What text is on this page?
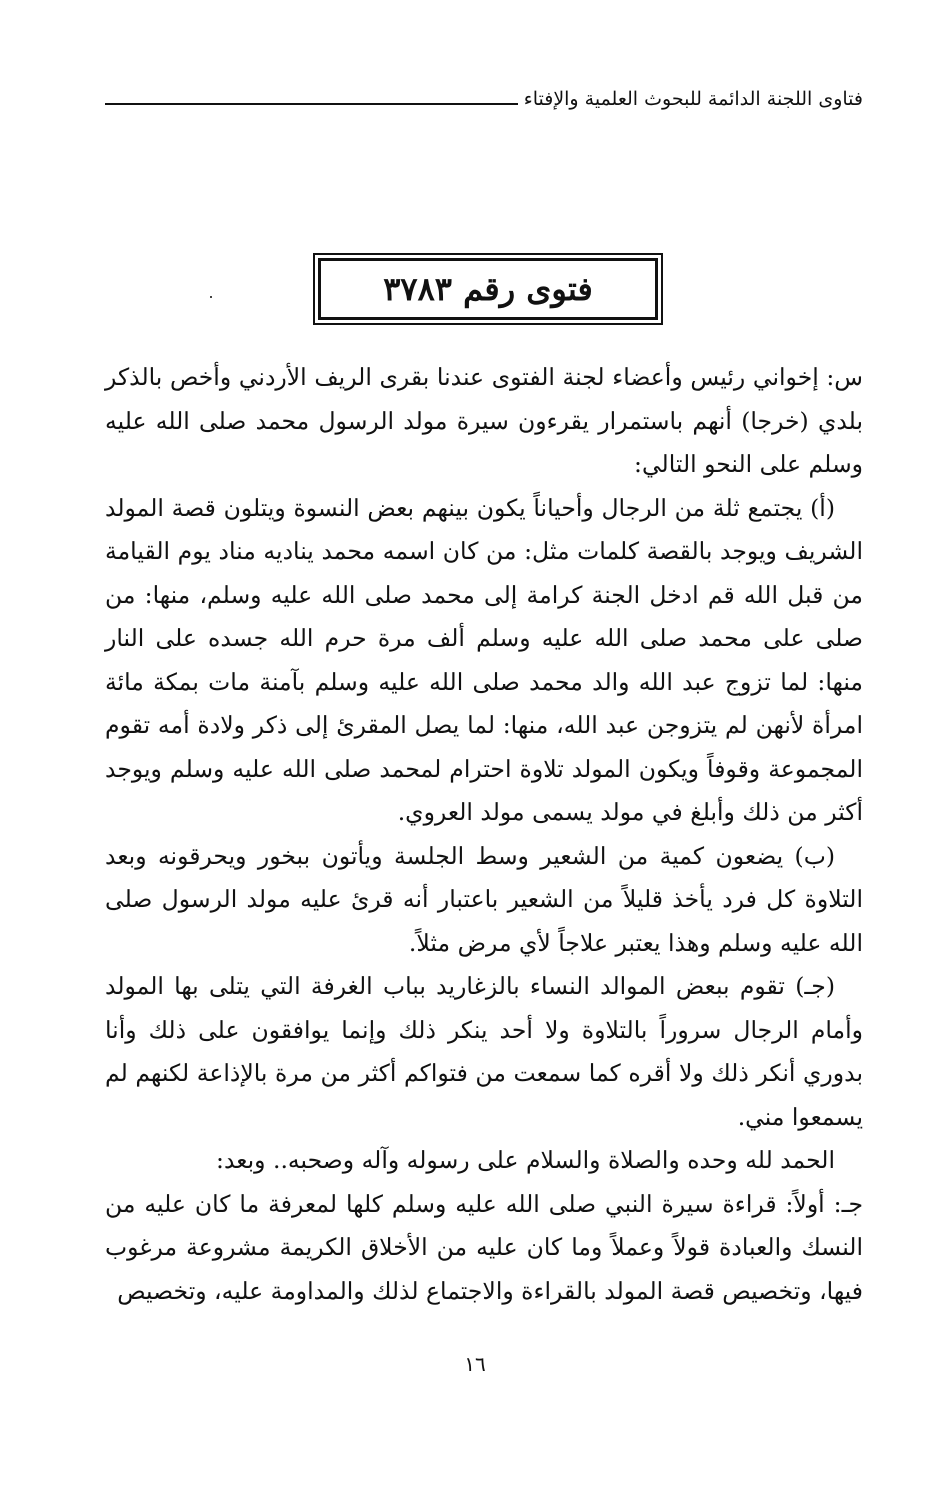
فتاوى اللجنة الدائمة للبحوث العلمية والإفتاء
فتوى رقم ٣٧٨٣

س: إخواني رئيس وأعضاء لجنة الفتوى عندنا بقرى الريف الأردني وأخص بالذكر بلدي (خرجا) أنهم باستمرار يقرءون سيرة مولد الرسول محمد صلى الله عليه وسلم على النحو التالي:

(أ) يجتمع ثلة من الرجال وأحياناً يكون بينهم بعض النسوة ويتلون قصة المولد الشريف ويوجد بالقصة كلمات مثل: من كان اسمه محمد يناديه مناد يوم القيامة من قبل الله قم ادخل الجنة كرامة إلى محمد صلى الله عليه وسلم، منها: من صلى على محمد صلى الله عليه وسلم ألف مرة حرم الله جسده على النار منها: لما تزوج عبد الله والد محمد صلى الله عليه وسلم بآمنة مات بمكة مائة امرأة لأنهن لم يتزوجن عبد الله، منها: لما يصل المقرئ إلى ذكر ولادة أمه تقوم المجموعة وقوفاً ويكون المولد تلاوة احترام لمحمد صلى الله عليه وسلم ويوجد أكثر من ذلك وأبلغ في مولد يسمى مولد العروي.

(ب) يضعون كمية من الشعير وسط الجلسة ويأتون ببخور ويحرقونه وبعد التلاوة كل فرد يأخذ قليلاً من الشعير باعتبار أنه قرئ عليه مولد الرسول صلى الله عليه وسلم وهذا يعتبر علاجاً لأي مرض مثلاً.

(جـ) تقوم ببعض الموالد النساء بالزغاريد بباب الغرفة التي يتلى بها المولد وأمام الرجال سروراً بالتلاوة ولا أحد ينكر ذلك وإنما يوافقون على ذلك وأنا بدوري أنكر ذلك ولا أقره كما سمعت من فتواكم أكثر من مرة بالإذاعة لكنهم لم يسمعوا مني.

الحمد لله وحده والصلاة والسلام على رسوله وآله وصحبه.. وبعد:

جـ: أولاً: قراءة سيرة النبي صلى الله عليه وسلم كلها لمعرفة ما كان عليه من النسك والعبادة قولاً وعملاً وما كان عليه من الأخلاق الكريمة مشروعة مرغوب فيها، وتخصيص قصة المولد بالقراءة والاجتماع لذلك والمداومة عليه، وتخصيص

١٦
